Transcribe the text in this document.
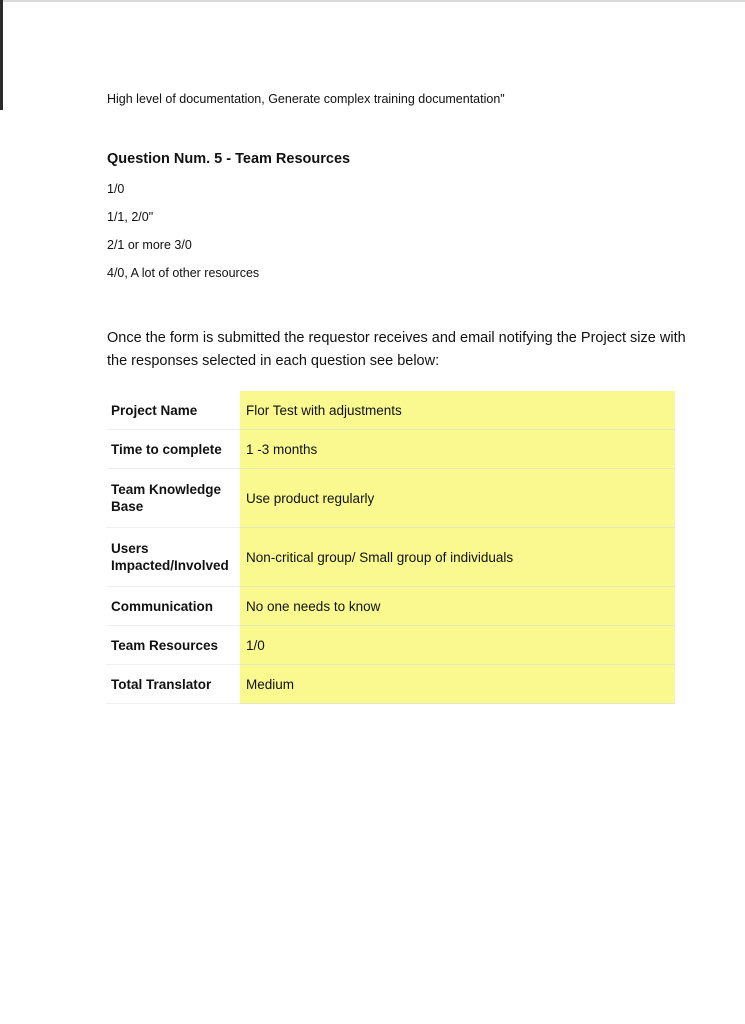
High level of documentation, Generate complex training documentation"
Question Num. 5 - Team Resources
1/0
1/1, 2/0"
2/1 or more 3/0
4/0, A lot of other resources

Once the form is submitted the requestor receives and email notifying the Project size with the responses selected in each question see below:

Project Name	Flor Test with adjustments
Time to complete	1 -3 months
Team Knowledge Base	Use product regularly
Users Impacted/Involved	Non-critical group/ Small group of individuals
Communication	No one needs to know
Team Resources	1/0
Total Translator	Medium
